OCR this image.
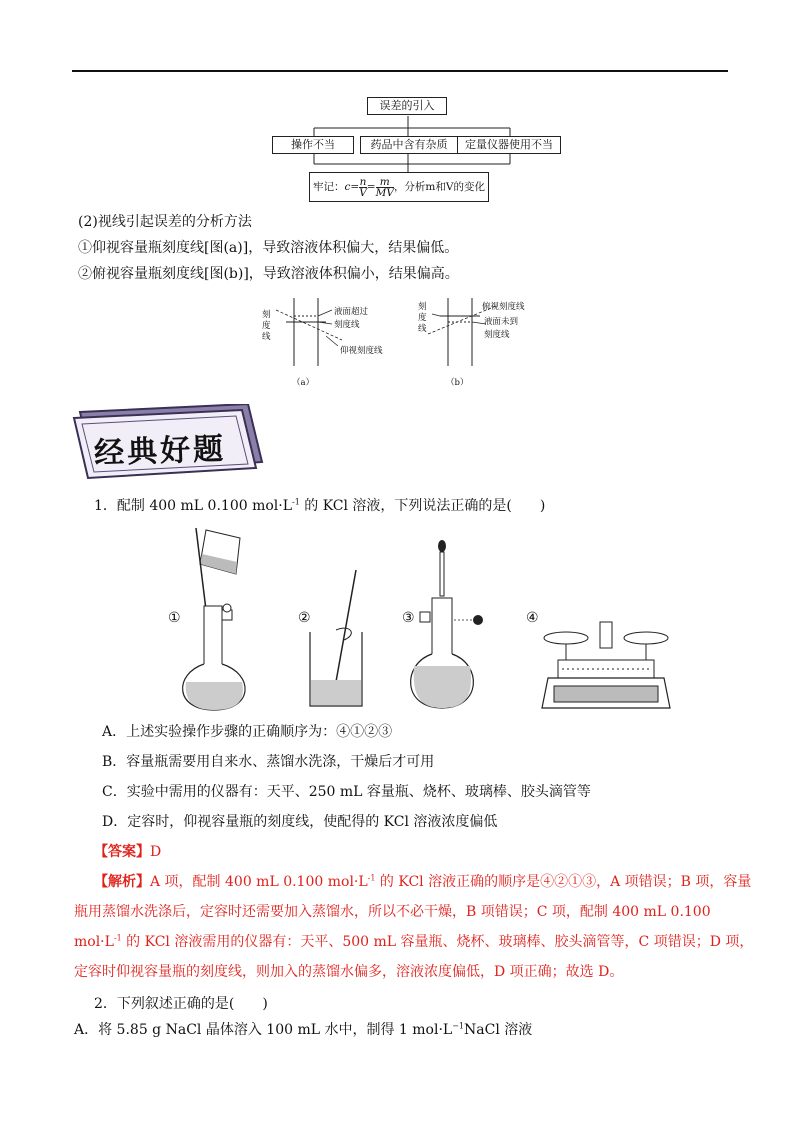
误差的引入
操作不当	药品中含有杂质	定量仪器使用不当
牢记：$c= \frac{n}{V} = \frac{m}{MV}$ ，分析m和V的变化
(2)视线引起误差的分析方法
①仰视容量瓶刻度线[图(a)]，导致溶液体积偏大，结果偏低。
②俯视容量瓶刻度线[图(b)]，导致溶液体积偏小，结果偏高。
刻
度
线
液面超过
刻度线
仰视刻度线
（a）
刻
度
线
俯视刻度线
液面未到
刻度线
（b）
经典好题
1．配制 400 mL 0.100 $mol\cdot L^{-1}$ 的 KCl 溶液，下列说法正确的是(　　)
①	②	③	④
A．上述实验操作步骤的正确顺序为：④①②③
B．容量瓶需要用自来水、蒸馏水洗涤，干燥后才可用
C．实验中需用的仪器有：天平、250 mL 容量瓶、烧杯、玻璃棒、胶头滴管等
D．定容时，仰视容量瓶的刻度线，使配得的 KCl 溶液浓度偏低
【答案】D
【解析】A 项，配制 400 mL 0.100 $mol\cdot L^{-1}$ 的 KCl 溶液正确的顺序是④②①③，A 项错误；B 项，容量
瓶用蒸馏水洗涤后，定容时还需要加入蒸馏水，所以不必干燥，B 项错误；C 项，配制 400 mL 0.100
$mol\cdot L^{-1}$ 的 KCl 溶液需用的仪器有：天平、500 mL 容量瓶、烧杯、玻璃棒、胶头滴管等，C 项错误；D 项，
定容时仰视容量瓶的刻度线，则加入的蒸馏水偏多，溶液浓度偏低，D 项正确；故选 D。
2．下列叙述正确的是(　　)
A．将 5.85 g NaCl 晶体溶入 100 mL 水中，制得 1 $mol\cdot L^{-1}NaCl$ 溶液
